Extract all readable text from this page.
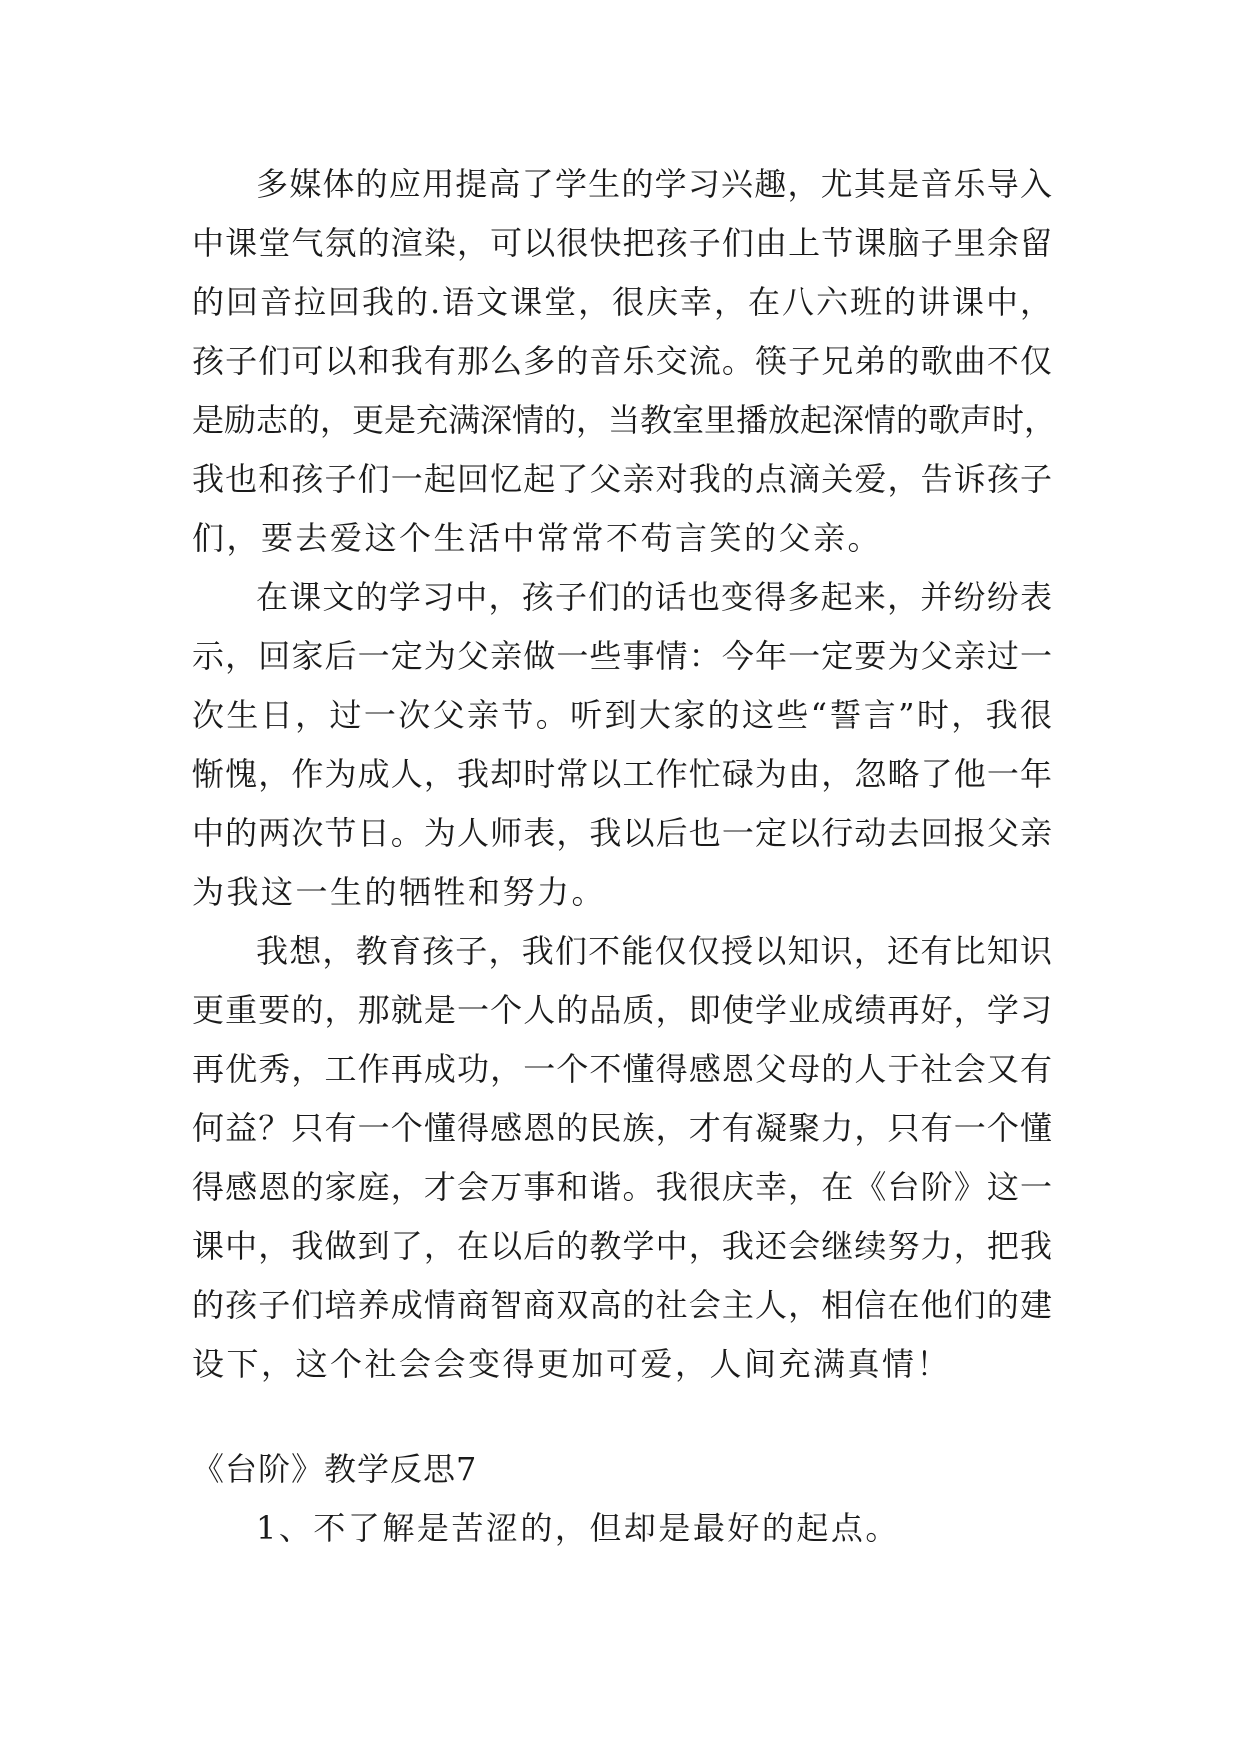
多媒体的应用提高了学生的学习兴趣，尤其是音乐导入
中课堂气氛的渲染，可以很快把孩子们由上节课脑子里余留
的回音拉回我的.语文课堂，很庆幸，在八六班的讲课中，
孩子们可以和我有那么多的音乐交流。筷子兄弟的歌曲不仅
是励志的，更是充满深情的，当教室里播放起深情的歌声时，
我也和孩子们一起回忆起了父亲对我的点滴关爱，告诉孩子
们，要去爱这个生活中常常不苟言笑的父亲。
在课文的学习中，孩子们的话也变得多起来，并纷纷表
示，回家后一定为父亲做一些事情：今年一定要为父亲过一
次生日，过一次父亲节。听到大家的这些“誓言”时，我很
惭愧，作为成人，我却时常以工作忙碌为由，忽略了他一年
中的两次节日。为人师表，我以后也一定以行动去回报父亲
为我这一生的牺牲和努力。
我想，教育孩子，我们不能仅仅授以知识，还有比知识
更重要的，那就是一个人的品质，即使学业成绩再好，学习
再优秀，工作再成功，一个不懂得感恩父母的人于社会又有
何益？只有一个懂得感恩的民族，才有凝聚力，只有一个懂
得感恩的家庭，才会万事和谐。我很庆幸，在《台阶》这一
课中，我做到了，在以后的教学中，我还会继续努力，把我
的孩子们培养成情商智商双高的社会主人，相信在他们的建
设下，这个社会会变得更加可爱，人间充满真情！
《台阶》教学反思7
1、不了解是苦涩的，但却是最好的起点。
